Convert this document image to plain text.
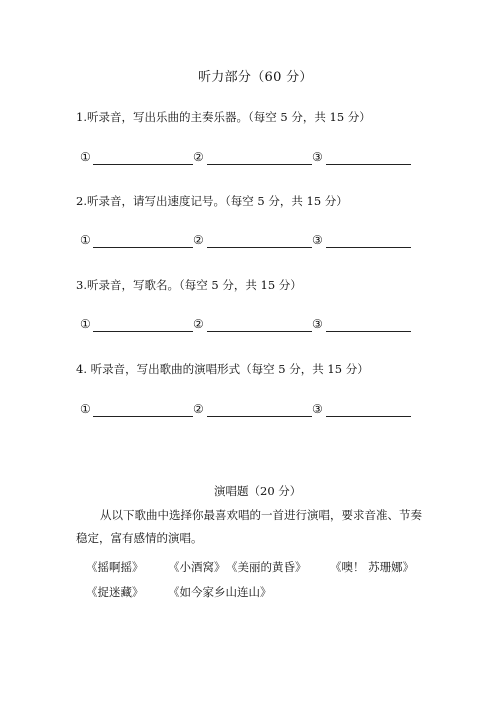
听力部分（60 分）
1.听录音，写出乐曲的主奏乐器。（每空 5 分，共 15 分）
①	②	③
2.听录音，请写出速度记号。（每空 5 分，共 15 分）
①	②	③
3.听录音，写歌名。（每空 5 分，共 15 分）
①	②	③
4. 听录音，写出歌曲的演唱形式（每空 5 分，共 15 分）
①	②	③
演唱题（20 分）
从以下歌曲中选择你最喜欢唱的一首进行演唱，要求音准、节奏
稳定，富有感情的演唱。
《摇啊摇》 《小酒窝》 《美丽的黄昏》 《噢！ 苏珊娜》
《捉迷藏》 《如今家乡山连山》
